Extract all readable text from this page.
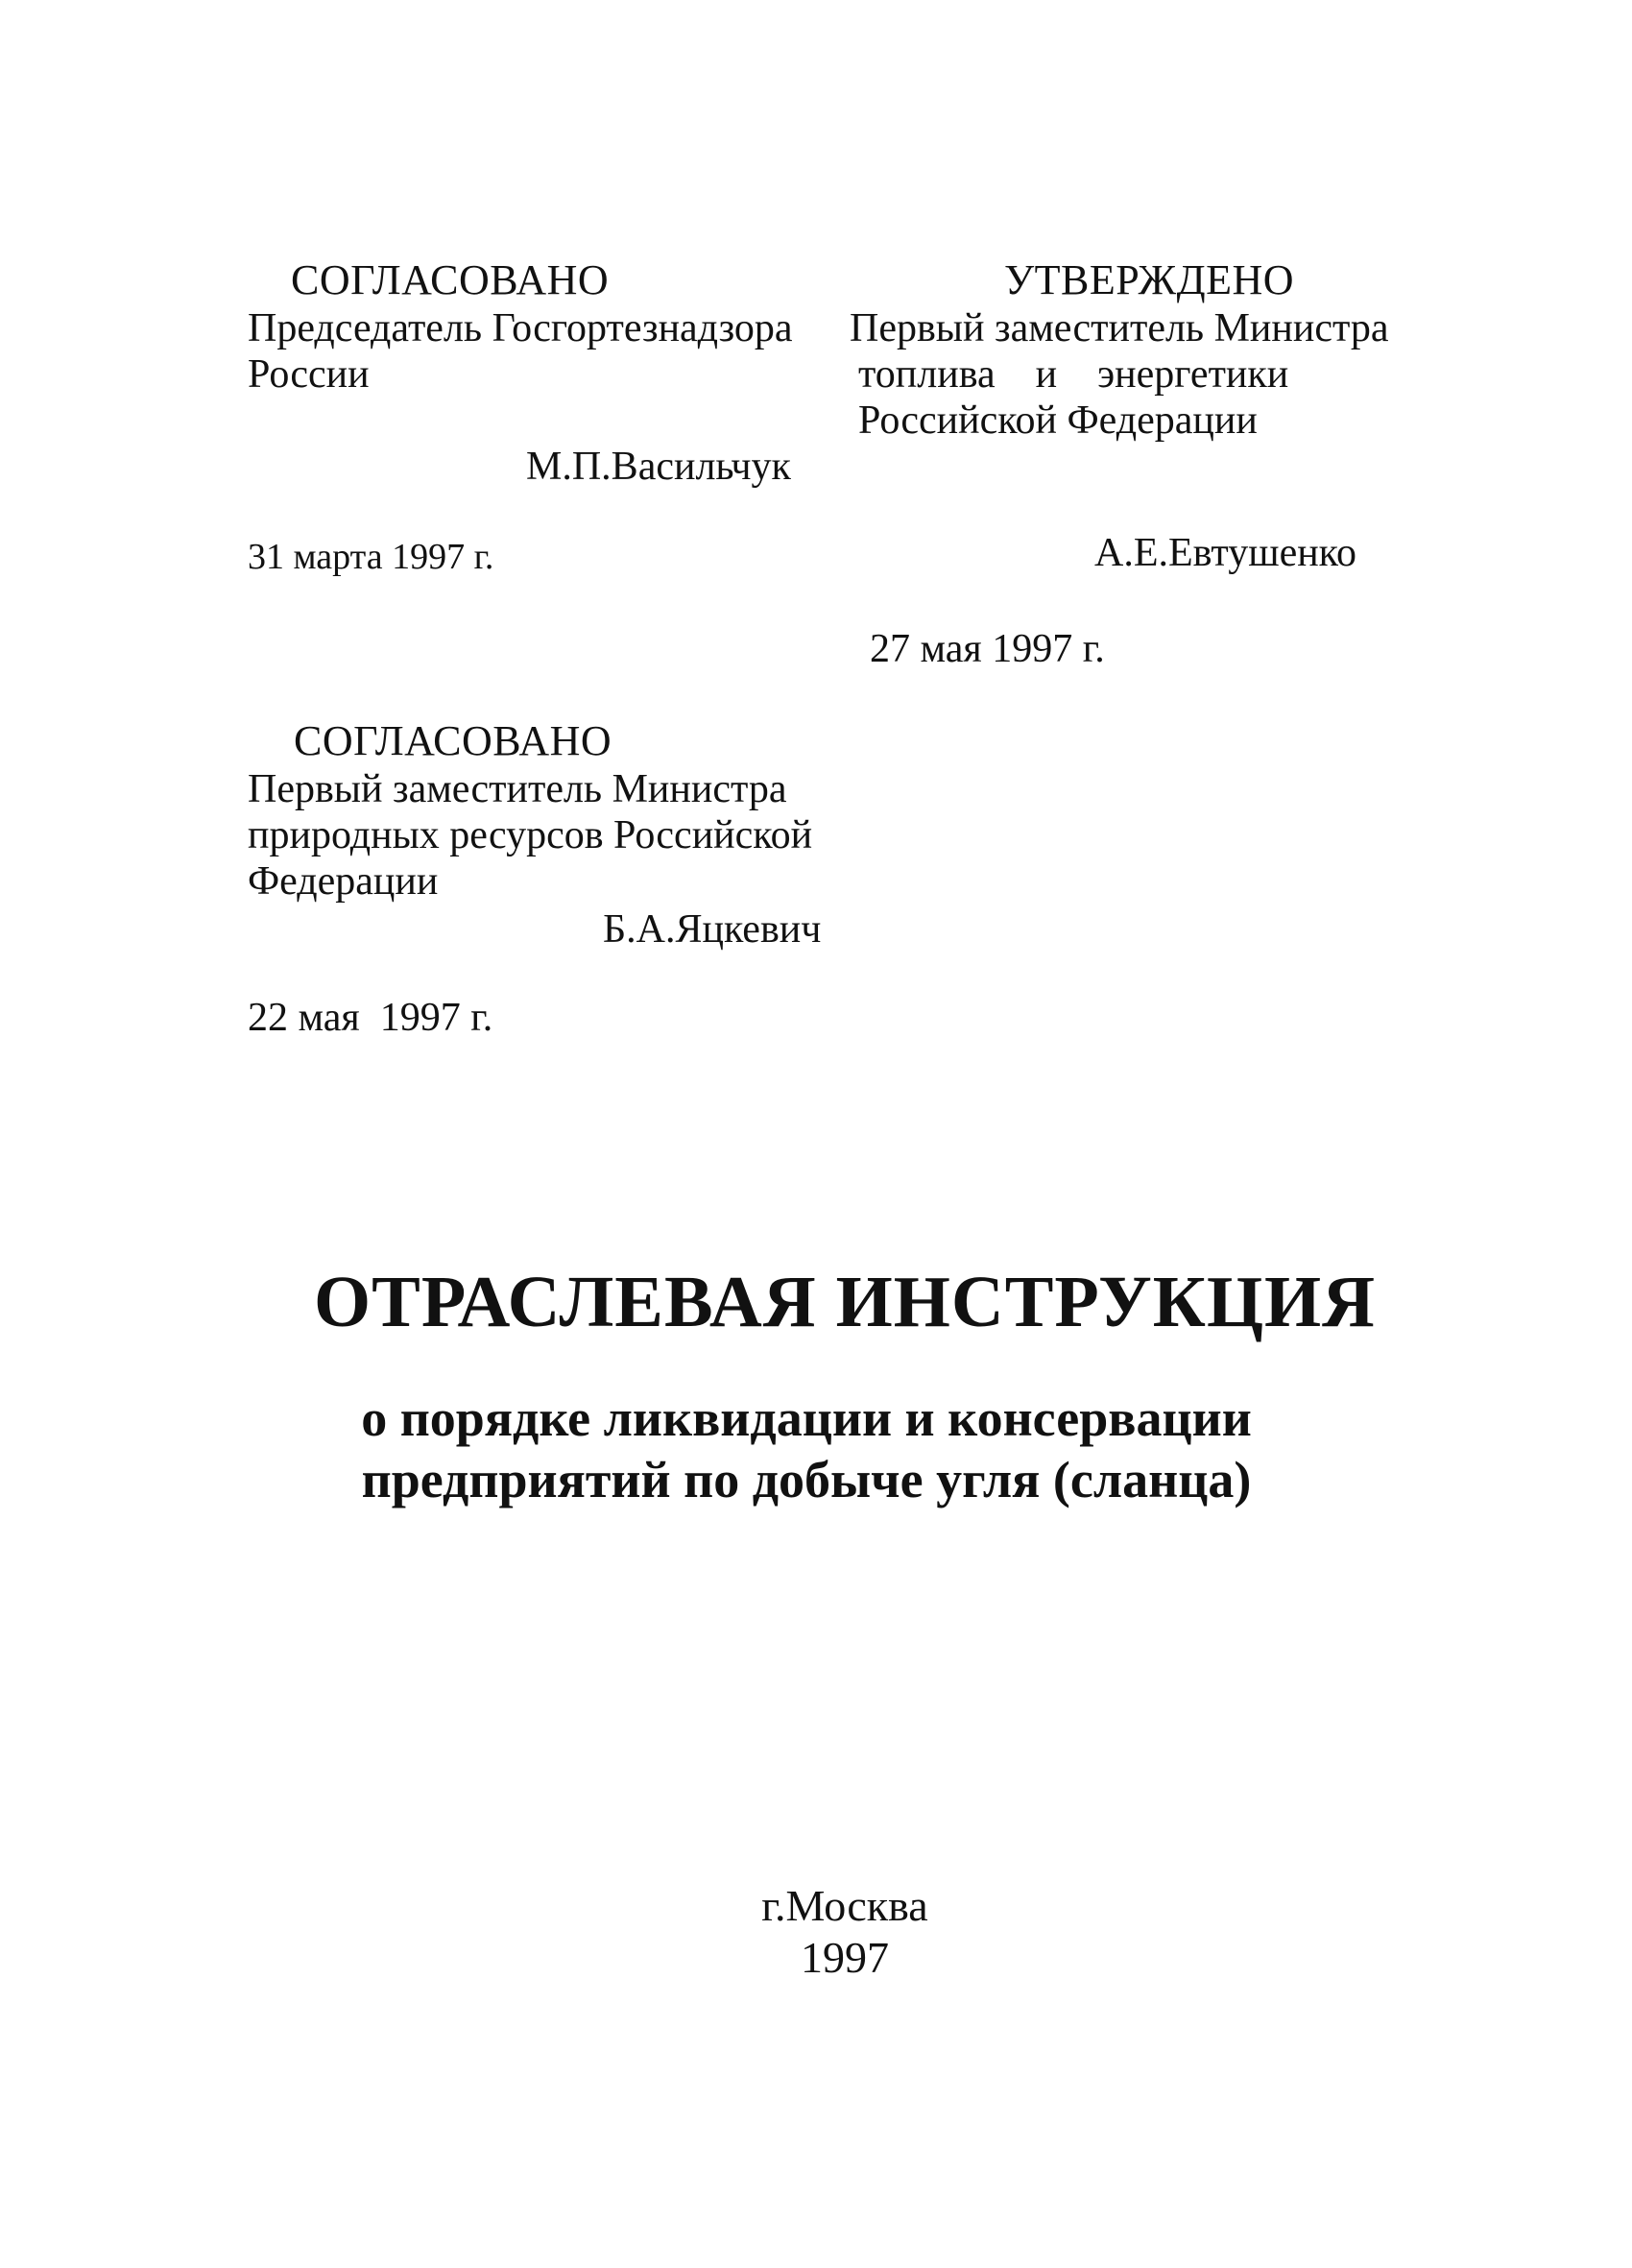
СОГЛАСОВАНО
Председатель Госгортезнадзора
России
М.П.Васильчук
31 марта 1997 г.
УТВЕРЖДЕНО
Первый заместитель Министра
топлива    и    энергетики
Российской Федерации
А.Е.Евтушенко
27 мая 1997 г.
СОГЛАСОВАНО
Первый заместитель Министра
природных ресурсов Российской
Федерации
Б.А.Яцкевич
22 мая  1997 г.
ОТРАСЛЕВАЯ ИНСТРУКЦИЯ
о порядке ликвидации и консервации
предприятий по добыче угля (сланца)
г.Москва
1997
